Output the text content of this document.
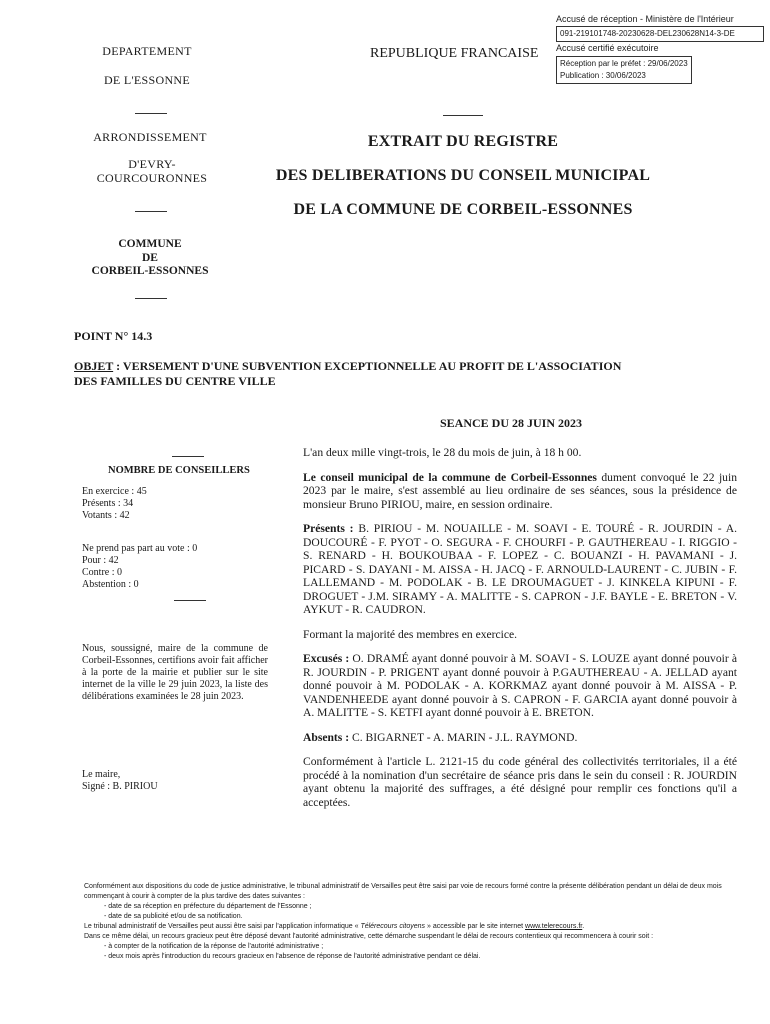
Accusé de réception - Ministère de l'Intérieur
091-219101748-20230628-DEL230628N14-3-DE
Accusé certifié exécutoire
Réception par le préfet : 29/06/2023
Publication : 30/06/2023
DEPARTEMENT
DE L'ESSONNE
ARRONDISSEMENT
D'EVRY-COURCOURONNES
COMMUNE
DE
CORBEIL-ESSONNES
REPUBLIQUE FRANCAISE
EXTRAIT DU REGISTRE
DES DELIBERATIONS DU CONSEIL MUNICIPAL
DE LA COMMUNE DE CORBEIL-ESSONNES
POINT N° 14.3
OBJET : VERSEMENT D'UNE SUBVENTION EXCEPTIONNELLE AU PROFIT DE L'ASSOCIATION
DES FAMILLES DU CENTRE VILLE
SEANCE DU 28 JUIN 2023
NOMBRE DE CONSEILLERS
En exercice : 45
Présents : 34
Votants : 42
Ne prend pas part au vote : 0
Pour : 42
Contre : 0
Abstention : 0
Nous, soussigné, maire de la commune de Corbeil-Essonnes, certifions avoir fait afficher à la porte de la mairie et publier sur le site internet de la ville le 29 juin 2023, la liste des délibérations examinées le 28 juin 2023.
Le maire,
Signé : B. PIRIOU
L'an deux mille vingt-trois, le 28 du mois de juin, à 18 h 00.
Le conseil municipal de la commune de Corbeil-Essonnes dument convoqué le 22 juin 2023 par le maire, s'est assemblé au lieu ordinaire de ses séances, sous la présidence de monsieur Bruno PIRIOU, maire, en session ordinaire.
Présents : B. PIRIOU - M. NOUAILLE - M. SOAVI - E. TOURÉ - R. JOURDIN - A. DOUCOURÉ - F. PYOT - O. SEGURA - F. CHOURFI - P. GAUTHEREAU - I. RIGGIO - S. RENARD - H. BOUKOUBAA - F. LOPEZ - C. BOUANZI - H. PAVAMANI - J. PICARD - S. DAYANI - M. AISSA - H. JACQ - F. ARNOULD-LAURENT - C. JUBIN - F. LALLEMAND - M. PODOLAK - B. LE DROUMAGUET - J. KINKELA KIPUNI - F. DROGUET - J.M. SIRAMY - A. MALITTE - S. CAPRON - J.F. BAYLE - E. BRETON - V. AYKUT - R. CAUDRON.
Formant la majorité des membres en exercice.
Excusés : O. DRAMÉ ayant donné pouvoir à M. SOAVI - S. LOUZE ayant donné pouvoir à R. JOURDIN - P. PRIGENT ayant donné pouvoir à P.GAUTHEREAU - A. JELLAD ayant donné pouvoir à M. PODOLAK - A. KORKMAZ ayant donné pouvoir à M. AISSA - P. VANDENHEEDE ayant donné pouvoir à S. CAPRON - F. GARCIA ayant donné pouvoir à A. MALITTE - S. KETFI ayant donné pouvoir à E. BRETON.
Absents : C. BIGARNET - A. MARIN - J.L. RAYMOND.
Conformément à l'article L. 2121-15 du code général des collectivités territoriales, il a été procédé à la nomination d'un secrétaire de séance pris dans le sein du conseil : R. JOURDIN ayant obtenu la majorité des suffrages, a été désigné pour remplir ces fonctions qu'il a acceptées.
Conformément aux dispositions du code de justice administrative, le tribunal administratif de Versailles peut être saisi par voie de recours formé contre la présente délibération pendant un délai de deux mois commençant à courir à compter de la plus tardive des dates suivantes :
- date de sa réception en préfecture du département de l'Essonne ;
- date de sa publicité et/ou de sa notification.
Le tribunal administratif de Versailles peut aussi être saisi par l'application informatique « Télérecours citoyens » accessible par le site internet www.telerecours.fr.
Dans ce même délai, un recours gracieux peut être déposé devant l'autorité administrative, cette démarche suspendant le délai de recours contentieux qui recommencera à courir soit :
- à compter de la notification de la réponse de l'autorité administrative ;
- deux mois après l'introduction du recours gracieux en l'absence de réponse de l'autorité administrative pendant ce délai.
